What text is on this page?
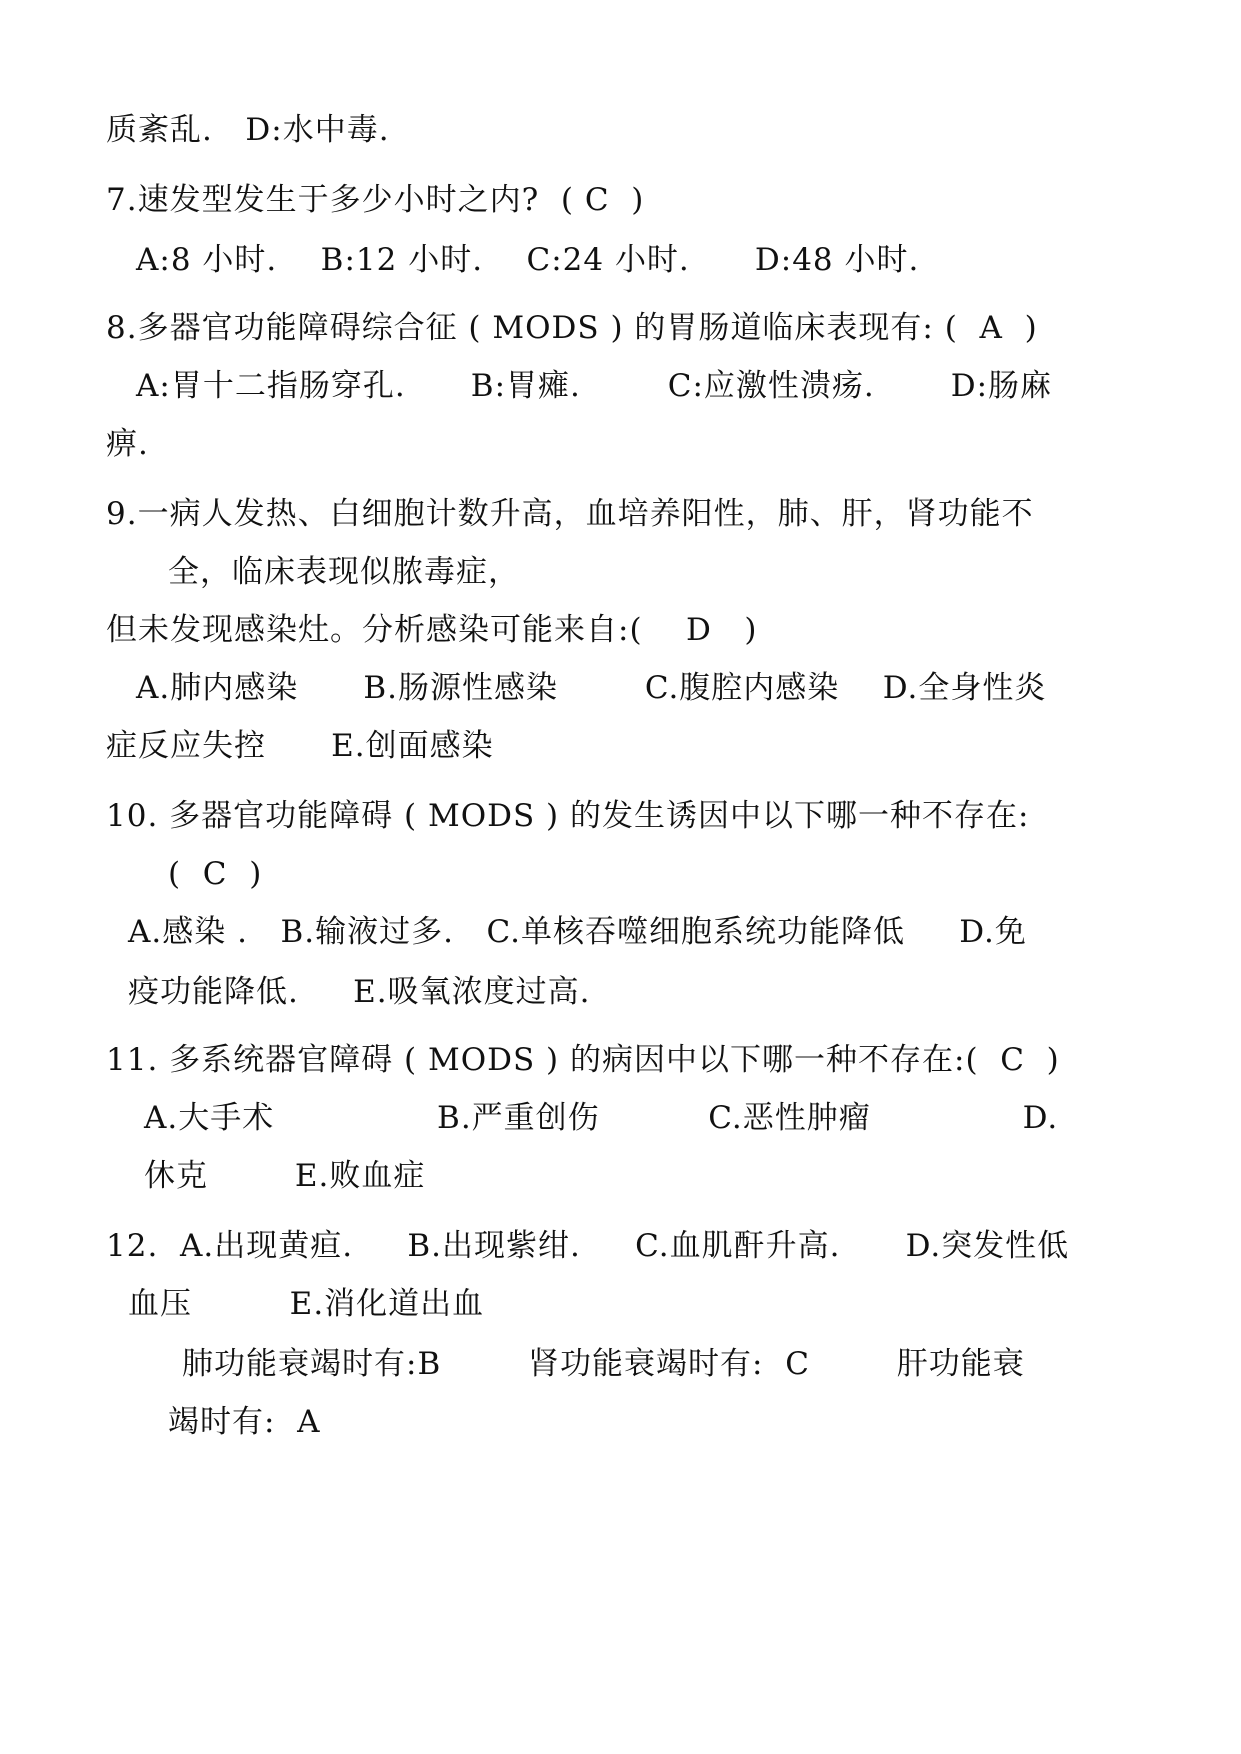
质紊乱.   D:水中毒.
7.速发型发生于多少小时之内?  ( C  )
A:8 小时.    B:12 小时.    C:24 小时.      D:48 小时.
8.多器官功能障碍综合征 ( MODS ) 的胃肠道临床表现有: (  A  )
A:胃十二指肠穿孔.      B:胃瘫.        C:应激性溃疡.       D:肠麻
痹.
9.一病人发热、白细胞计数升高，血培养阳性，肺、肝，肾功能不
全，临床表现似脓毒症，
但未发现感染灶。分析感染可能来自:(    D   )
A.肺内感染      B.肠源性感染        C.腹腔内感染    D.全身性炎
症反应失控      E.创面感染
10. 多器官功能障碍 ( MODS ) 的发生诱因中以下哪一种不存在:
(  C  )
A.感染 .   B.输液过多.   C.单核吞噬细胞系统功能降低     D.免
疫功能降低.     E.吸氧浓度过高.
11. 多系统器官障碍 ( MODS ) 的病因中以下哪一种不存在:(  C  )
A.大手术               B.严重创伤          C.恶性肿瘤              D.
休克        E.败血症
12.  A.出现黄疸.     B.出现紫绀.     C.血肌酐升高.      D.突发性低
血压         E.消化道出血
肺功能衰竭时有:B        肾功能衰竭时有:  C        肝功能衰
竭时有:  A
